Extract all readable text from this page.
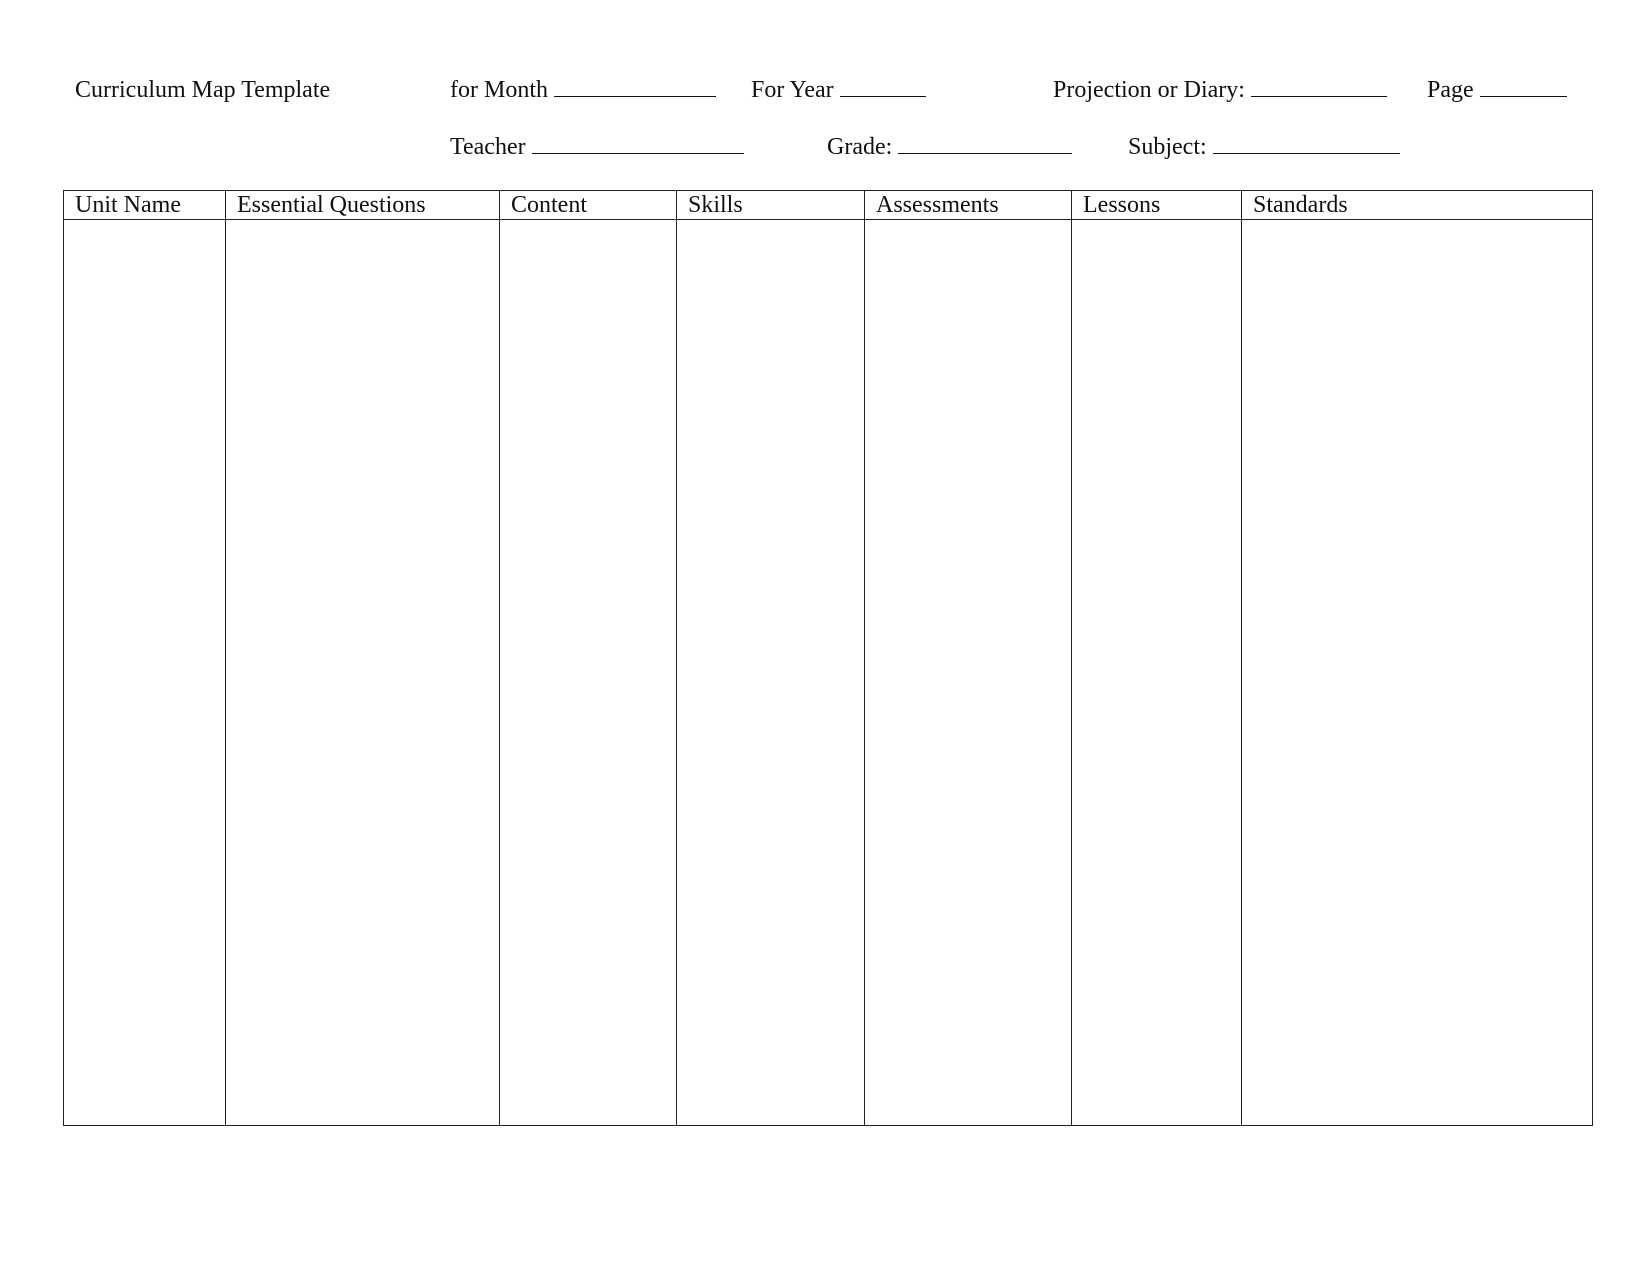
Curriculum Map Template	for Month	For Year	Projection or Diary:	Page
Teacher	Grade:	Subject:
Unit Name	Essential Questions	Content	Skills	Assessments	Lessons	Standards
